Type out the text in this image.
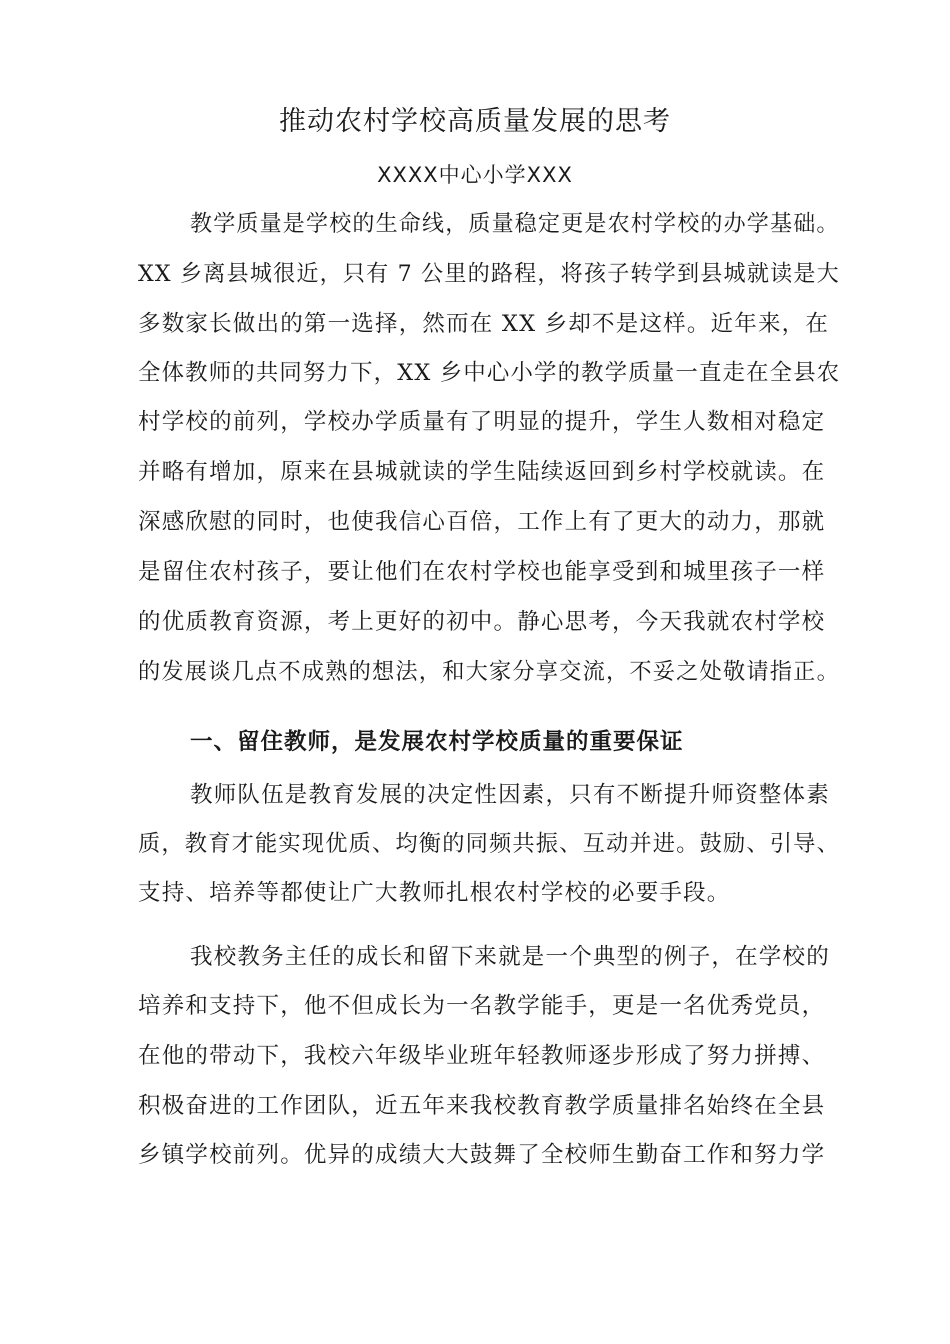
推动农村学校高质量发展的思考
XXXX中心小学XXX
教学质量是学校的生命线，质量稳定更是农村学校的办学基础。
XX 乡离县城很近，只有 7 公里的路程，将孩子转学到县城就读是大
多数家长做出的第一选择，然而在 XX 乡却不是这样。近年来，在
全体教师的共同努力下，XX 乡中心小学的教学质量一直走在全县农
村学校的前列，学校办学质量有了明显的提升，学生人数相对稳定
并略有增加，原来在县城就读的学生陆续返回到乡村学校就读。在
深感欣慰的同时，也使我信心百倍，工作上有了更大的动力，那就
是留住农村孩子，要让他们在农村学校也能享受到和城里孩子一样
的优质教育资源，考上更好的初中。静心思考，今天我就农村学校
的发展谈几点不成熟的想法，和大家分享交流，不妥之处敬请指正。
一、留住教师，是发展农村学校质量的重要保证
教师队伍是教育发展的决定性因素，只有不断提升师资整体素
质，教育才能实现优质、均衡的同频共振、互动并进。鼓励、引导、
支持、培养等都使让广大教师扎根农村学校的必要手段。
我校教务主任的成长和留下来就是一个典型的例子，在学校的
培养和支持下，他不但成长为一名教学能手，更是一名优秀党员，
在他的带动下，我校六年级毕业班年轻教师逐步形成了努力拼搏、
积极奋进的工作团队，近五年来我校教育教学质量排名始终在全县
乡镇学校前列。优异的成绩大大鼓舞了全校师生勤奋工作和努力学
